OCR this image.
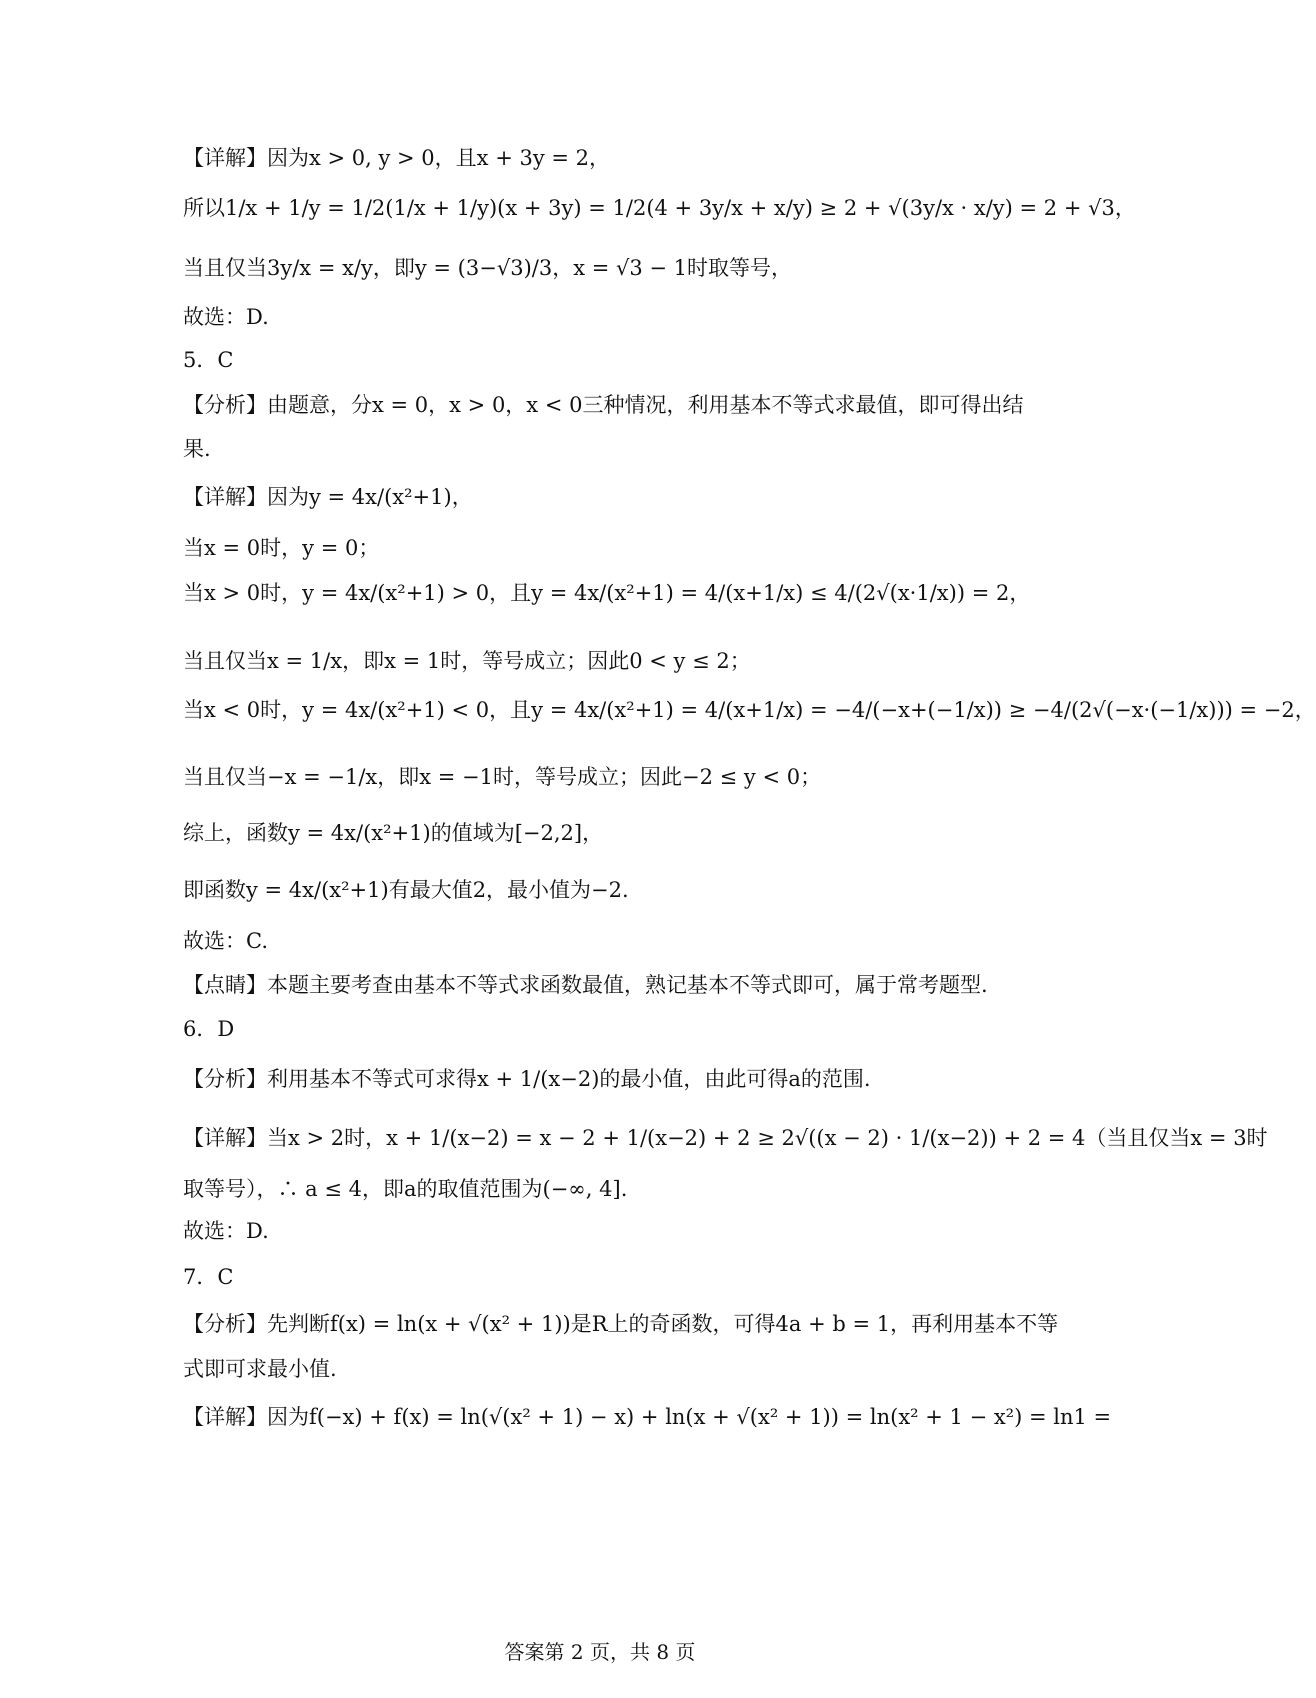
【详解】因为x > 0, y > 0，且x + 3y = 2，
所以1/x + 1/y = 1/2(1/x + 1/y)(x + 3y) = 1/2(4 + 3y/x + x/y) ≥ 2 + √(3y/x · x/y) = 2 + √3，
当且仅当3y/x = x/y，即y = (3−√3)/3，x = √3 − 1时取等号，
故选：D.
5．C
【分析】由题意，分x = 0，x > 0，x < 0三种情况，利用基本不等式求最值，即可得出结
果.
【详解】因为y = 4x/(x²+1)，
当x = 0时，y = 0；
当x > 0时，y = 4x/(x²+1) > 0，且y = 4x/(x²+1) = 4/(x+1/x) ≤ 4/(2√(x·1/x)) = 2，
当且仅当x = 1/x，即x = 1时，等号成立；因此0 < y ≤ 2；
当x < 0时，y = 4x/(x²+1) < 0，且y = 4x/(x²+1) = 4/(x+1/x) = −4/(−x+(−1/x)) ≥ −4/(2√(−x·(−1/x))) = −2，
当且仅当−x = −1/x，即x = −1时，等号成立；因此−2 ≤ y < 0；
综上，函数y = 4x/(x²+1)的值域为[−2,2]，
即函数y = 4x/(x²+1)有最大值2，最小值为−2.
故选：C.
【点睛】本题主要考查由基本不等式求函数最值，熟记基本不等式即可，属于常考题型.
6．D
【分析】利用基本不等式可求得x + 1/(x−2)的最小值，由此可得a的范围.
【详解】当x > 2时，x + 1/(x−2) = x − 2 + 1/(x−2) + 2 ≥ 2√((x − 2) · 1/(x−2)) + 2 = 4（当且仅当x = 3时
取等号），∴ a ≤ 4，即a的取值范围为(−∞, 4].
故选：D.
7．C
【分析】先判断f(x) = ln(x + √(x² + 1))是R上的奇函数，可得4a + b = 1，再利用基本不等
式即可求最小值.
【详解】因为f(−x) + f(x) = ln(√(x² + 1) − x) + ln(x + √(x² + 1)) = ln(x² + 1 − x²) = ln1 =
答案第 2 页，共 8 页
